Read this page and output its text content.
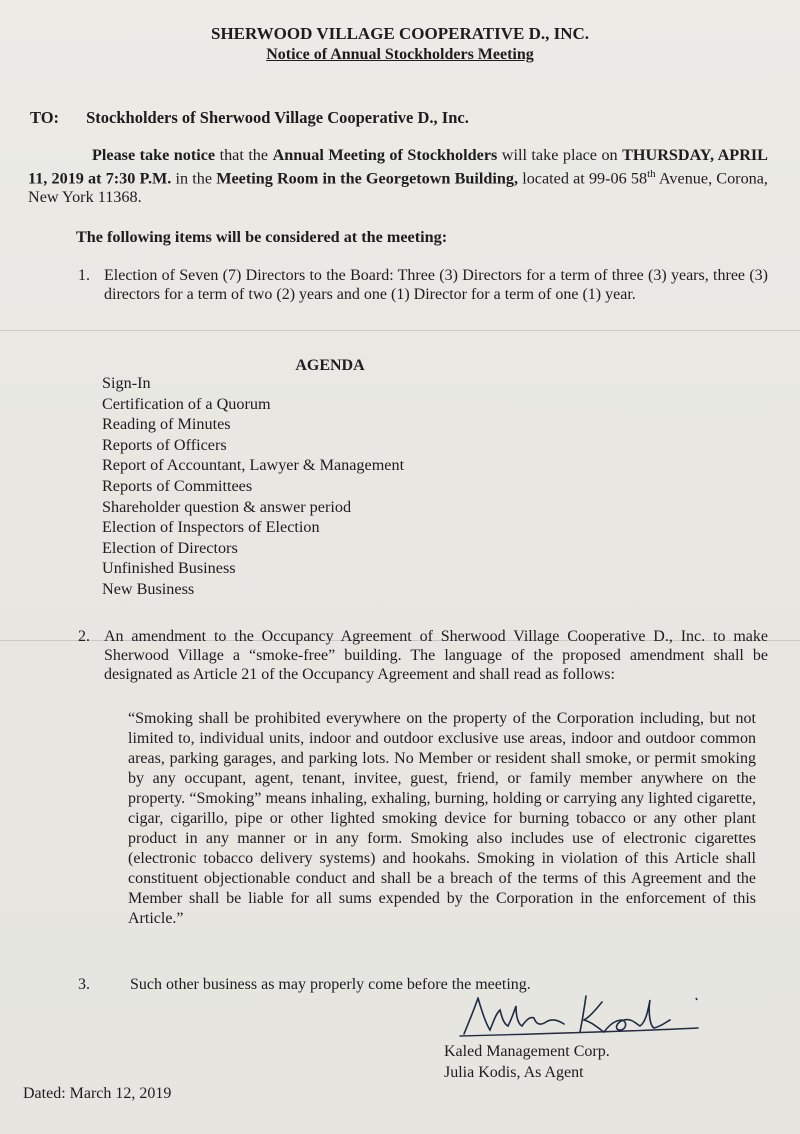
SHERWOOD VILLAGE COOPERATIVE D., INC.
Notice of Annual Stockholders Meeting
TO: Stockholders of Sherwood Village Cooperative D., Inc.
Please take notice that the Annual Meeting of Stockholders will take place on THURSDAY, APRIL 11, 2019 at 7:30 P.M. in the Meeting Room in the Georgetown Building, located at 99-06 58th Avenue, Corona, New York 11368.
The following items will be considered at the meeting:
1. Election of Seven (7) Directors to the Board: Three (3) Directors for a term of three (3) years, three (3) directors for a term of two (2) years and one (1) Director for a term of one (1) year.
AGENDA
Sign-In
Certification of a Quorum
Reading of Minutes
Reports of Officers
Report of Accountant, Lawyer & Management
Reports of Committees
Shareholder question & answer period
Election of Inspectors of Election
Election of Directors
Unfinished Business
New Business
2. An amendment to the Occupancy Agreement of Sherwood Village Cooperative D., Inc. to make Sherwood Village a “smoke-free” building. The language of the proposed amendment shall be designated as Article 21 of the Occupancy Agreement and shall read as follows:
“Smoking shall be prohibited everywhere on the property of the Corporation including, but not limited to, individual units, indoor and outdoor exclusive use areas, indoor and outdoor common areas, parking garages, and parking lots. No Member or resident shall smoke, or permit smoking by any occupant, agent, tenant, invitee, guest, friend, or family member anywhere on the property. “Smoking” means inhaling, exhaling, burning, holding or carrying any lighted cigarette, cigar, cigarillo, pipe or other lighted smoking device for burning tobacco or any other plant product in any manner or in any form. Smoking also includes use of electronic cigarettes (electronic tobacco delivery systems) and hookahs. Smoking in violation of this Article shall constituent objectionable conduct and shall be a breach of the terms of this Agreement and the Member shall be liable for all sums expended by the Corporation in the enforcement of this Article.”
3.	Such other business as may properly come before the meeting.
Kaled Management Corp.
Julia Kodis, As Agent
Dated: March 12, 2019
